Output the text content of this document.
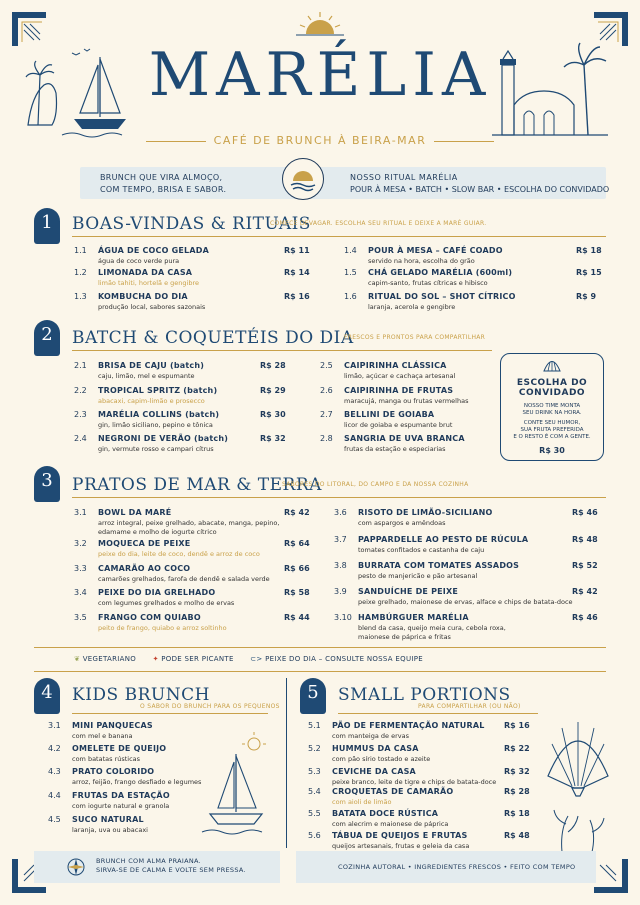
MARÉLIA
CAFÉ DE BRUNCH À BEIRA-MAR
BRUNCH QUE VIRA ALMOÇO,
COM TEMPO, BRISA E SABOR.
NOSSO RITUAL MARÉLIA
POUR À MESA • BATCH • SLOW BAR • ESCOLHA DO CONVIDADO
1	BOAS-VINDAS & RITUAIS
COMECE DEVAGAR. ESCOLHA SEU RITUAL E DEIXE A MARÉ GUIAR.
2	BATCH & COQUETÉIS DO DIA
FRESCOS E PRONTOS PARA COMPARTILHAR
ESCOLHA DO
CONVIDADO
NOSSO TIME MONTA
SEU DRINK NA HORA.
CONTE SEU HUMOR,
SUA FRUTA PREFERIDA
E O RESTO É COM A GENTE.
R$ 30
3	PRATOS DE MAR & TERRA
SABORES DO LITORAL, DO CAMPO E DA NOSSA COZINHA
❦ VEGETARIANO ✦ PODE SER PICANTE ⊂> PEIXE DO DIA – CONSULTE NOSSA EQUIPE
4	KIDS BRUNCH
O SABOR DO BRUNCH PARA OS PEQUENOS
5	SMALL PORTIONS
PARA COMPARTILHAR (OU NÃO)
BRUNCH COM ALMA PRAIANA.
SIRVA-SE DE CALMA E VOLTE SEM PRESSA.	COZINHA AUTORAL • INGREDIENTES FRESCOS • FEITO COM TEMPO
1.1 ÁGUA DE COCO GELADA
água de coco verde pura
R$ 11
1.2 LIMONADA DA CASA
limão tahiti, hortelã e gengibre
R$ 14
1.3 KOMBUCHA DO DIA
produção local, sabores sazonais
R$ 16
1.4 POUR À MESA – CAFÉ COADO
servido na hora, escolha do grão
R$ 18
1.5 CHÁ GELADO MARÉLIA (600ml)
capim-santo, frutas cítricas e hibisco
R$ 15
1.6 RITUAL DO SOL – SHOT CÍTRICO
laranja, acerola e gengibre
R$ 9
2.1 BRISA DE CAJU (batch)
caju, limão, mel e espumante
R$ 28
2.2 TROPICAL SPRITZ (batch)
abacaxi, capim-limão e prosecco
R$ 29
2.3 MARÉLIA COLLINS (batch)
gin, limão siciliano, pepino e tônica
R$ 30
2.4 NEGRONI DE VERÃO (batch)
gin, vermute rosso e campari cítrus
R$ 32
2.5 CAIPIRINHA CLÁSSICA
limão, açúcar e cachaça artesanal
2.6 CAIPIRINHA DE FRUTAS
maracujá, manga ou frutas vermelhas
2.7 BELLINI DE GOIABA
licor de goiaba e espumante brut
2.8 SANGRIA DE UVA BRANCA
frutas da estação e especiarias
3.1 BOWL DA MARÉ
arroz integral, peixe grelhado, abacate, manga, pepino,
edamame e molho de iogurte cítrico
R$ 42
3.2 MOQUECA DE PEIXE
peixe do dia, leite de coco, dendê e arroz de coco
R$ 64
3.3 CAMARÃO AO COCO
camarões grelhados, farofa de dendê e salada verde
R$ 66
3.4 PEIXE DO DIA GRELHADO
com legumes grelhados e molho de ervas
R$ 58
3.5 FRANGO COM QUIABO
peito de frango, quiabo e arroz soltinho
R$ 44
3.6 RISOTO DE LIMÃO-SICILIANO
com aspargos e amêndoas
R$ 46
3.7 PAPPARDELLE AO PESTO DE RÚCULA
tomates confitados e castanha de caju
R$ 48
3.8 BURRATA COM TOMATES ASSADOS
pesto de manjericão e pão artesanal
R$ 52
3.9 SANDUÍCHE DE PEIXE
peixe grelhado, maionese de ervas, alface e chips de batata-doce
R$ 42
3.10 HAMBÚRGUER MARÉLIA
blend da casa, queijo meia cura, cebola roxa,
maionese de páprica e fritas
R$ 46
3.1 MINI PANQUECAS
com mel e banana
4.2 OMELETE DE QUEIJO
com batatas rústicas
4.3 PRATO COLORIDO
arroz, feijão, frango desfiado e legumes
4.4 FRUTAS DA ESTAÇÃO
com iogurte natural e granola
4.5 SUCO NATURAL
laranja, uva ou abacaxi
5.1 PÃO DE FERMENTAÇÃO NATURAL
com manteiga de ervas
R$ 16
5.2 HUMMUS DA CASA
com pão sírio tostado e azeite
R$ 22
5.3 CEVICHE DA CASA
peixe branco, leite de tigre e chips de batata-doce
R$ 32
5.4 CROQUETAS DE CAMARÃO
com aioli de limão
R$ 28
5.5 BATATA DOCE RÚSTICA
com alecrim e maionese de páprica
R$ 18
5.6 TÁBUA DE QUEIJOS E FRUTAS
queijos artesanais, frutas e geleia da casa
R$ 48
